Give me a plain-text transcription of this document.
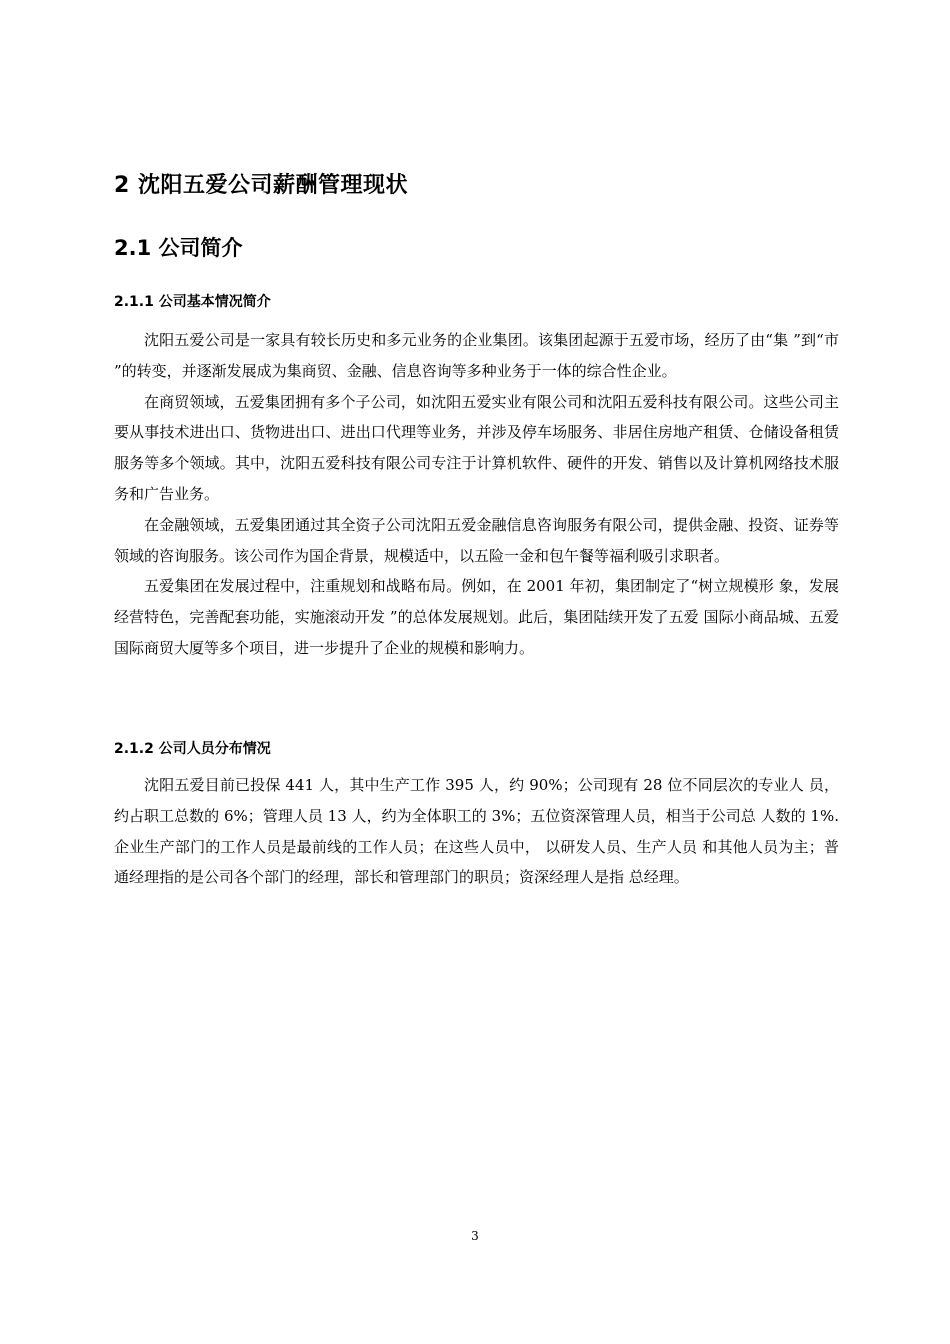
2 沈阳五爱公司薪酬管理现状
2.1 公司简介
2.1.1 公司基本情况简介

沈阳五爱公司是一家具有较长历史和多元业务的企业集团。该集团起源于五爱市场，经历了由“集 ”到“市 ”的转变，并逐渐发展成为集商贸、金融、信息咨询等多种业务于一体的综合性企业。

在商贸领域，五爱集团拥有多个子公司，如沈阳五爱实业有限公司和沈阳五爱科技有限公司。这些公司主要从事技术进出口、货物进出口、进出口代理等业务，并涉及停车场服务、非居住房地产租赁、仓储设备租赁服务等多个领域。其中，沈阳五爱科技有限公司专注于计算机软件、硬件的开发、销售以及计算机网络技术服务和广告业务。

在金融领域，五爱集团通过其全资子公司沈阳五爱金融信息咨询服务有限公司，提供金融、投资、证券等领域的咨询服务。该公司作为国企背景，规模适中，以五险一金和包午餐等福利吸引求职者。

五爱集团在发展过程中，注重规划和战略布局。例如，在 2001 年初，集团制定了“树立规模形 象，发展经营特色，完善配套功能，实施滚动开发 ”的总体发展规划。此后，集团陆续开发了五爱 国际小商品城、五爱国际商贸大厦等多个项目，进一步提升了企业的规模和影响力。

2.1.2 公司人员分布情况

沈阳五爱目前已投保 441 人，其中生产工作 395 人，约 90%；公司现有 28 位不同层次的专业人 员，约占职工总数的 6%；管理人员 13 人，约为全体职工的 3%；五位资深管理人员，相当于公司总 人数的 1%.企业生产部门的工作人员是最前线的工作人员；在这些人员中， 以研发人员、生产人员 和其他人员为主；普通经理指的是公司各个部门的经理，部长和管理部门的职员；资深经理人是指 总经理。

3
